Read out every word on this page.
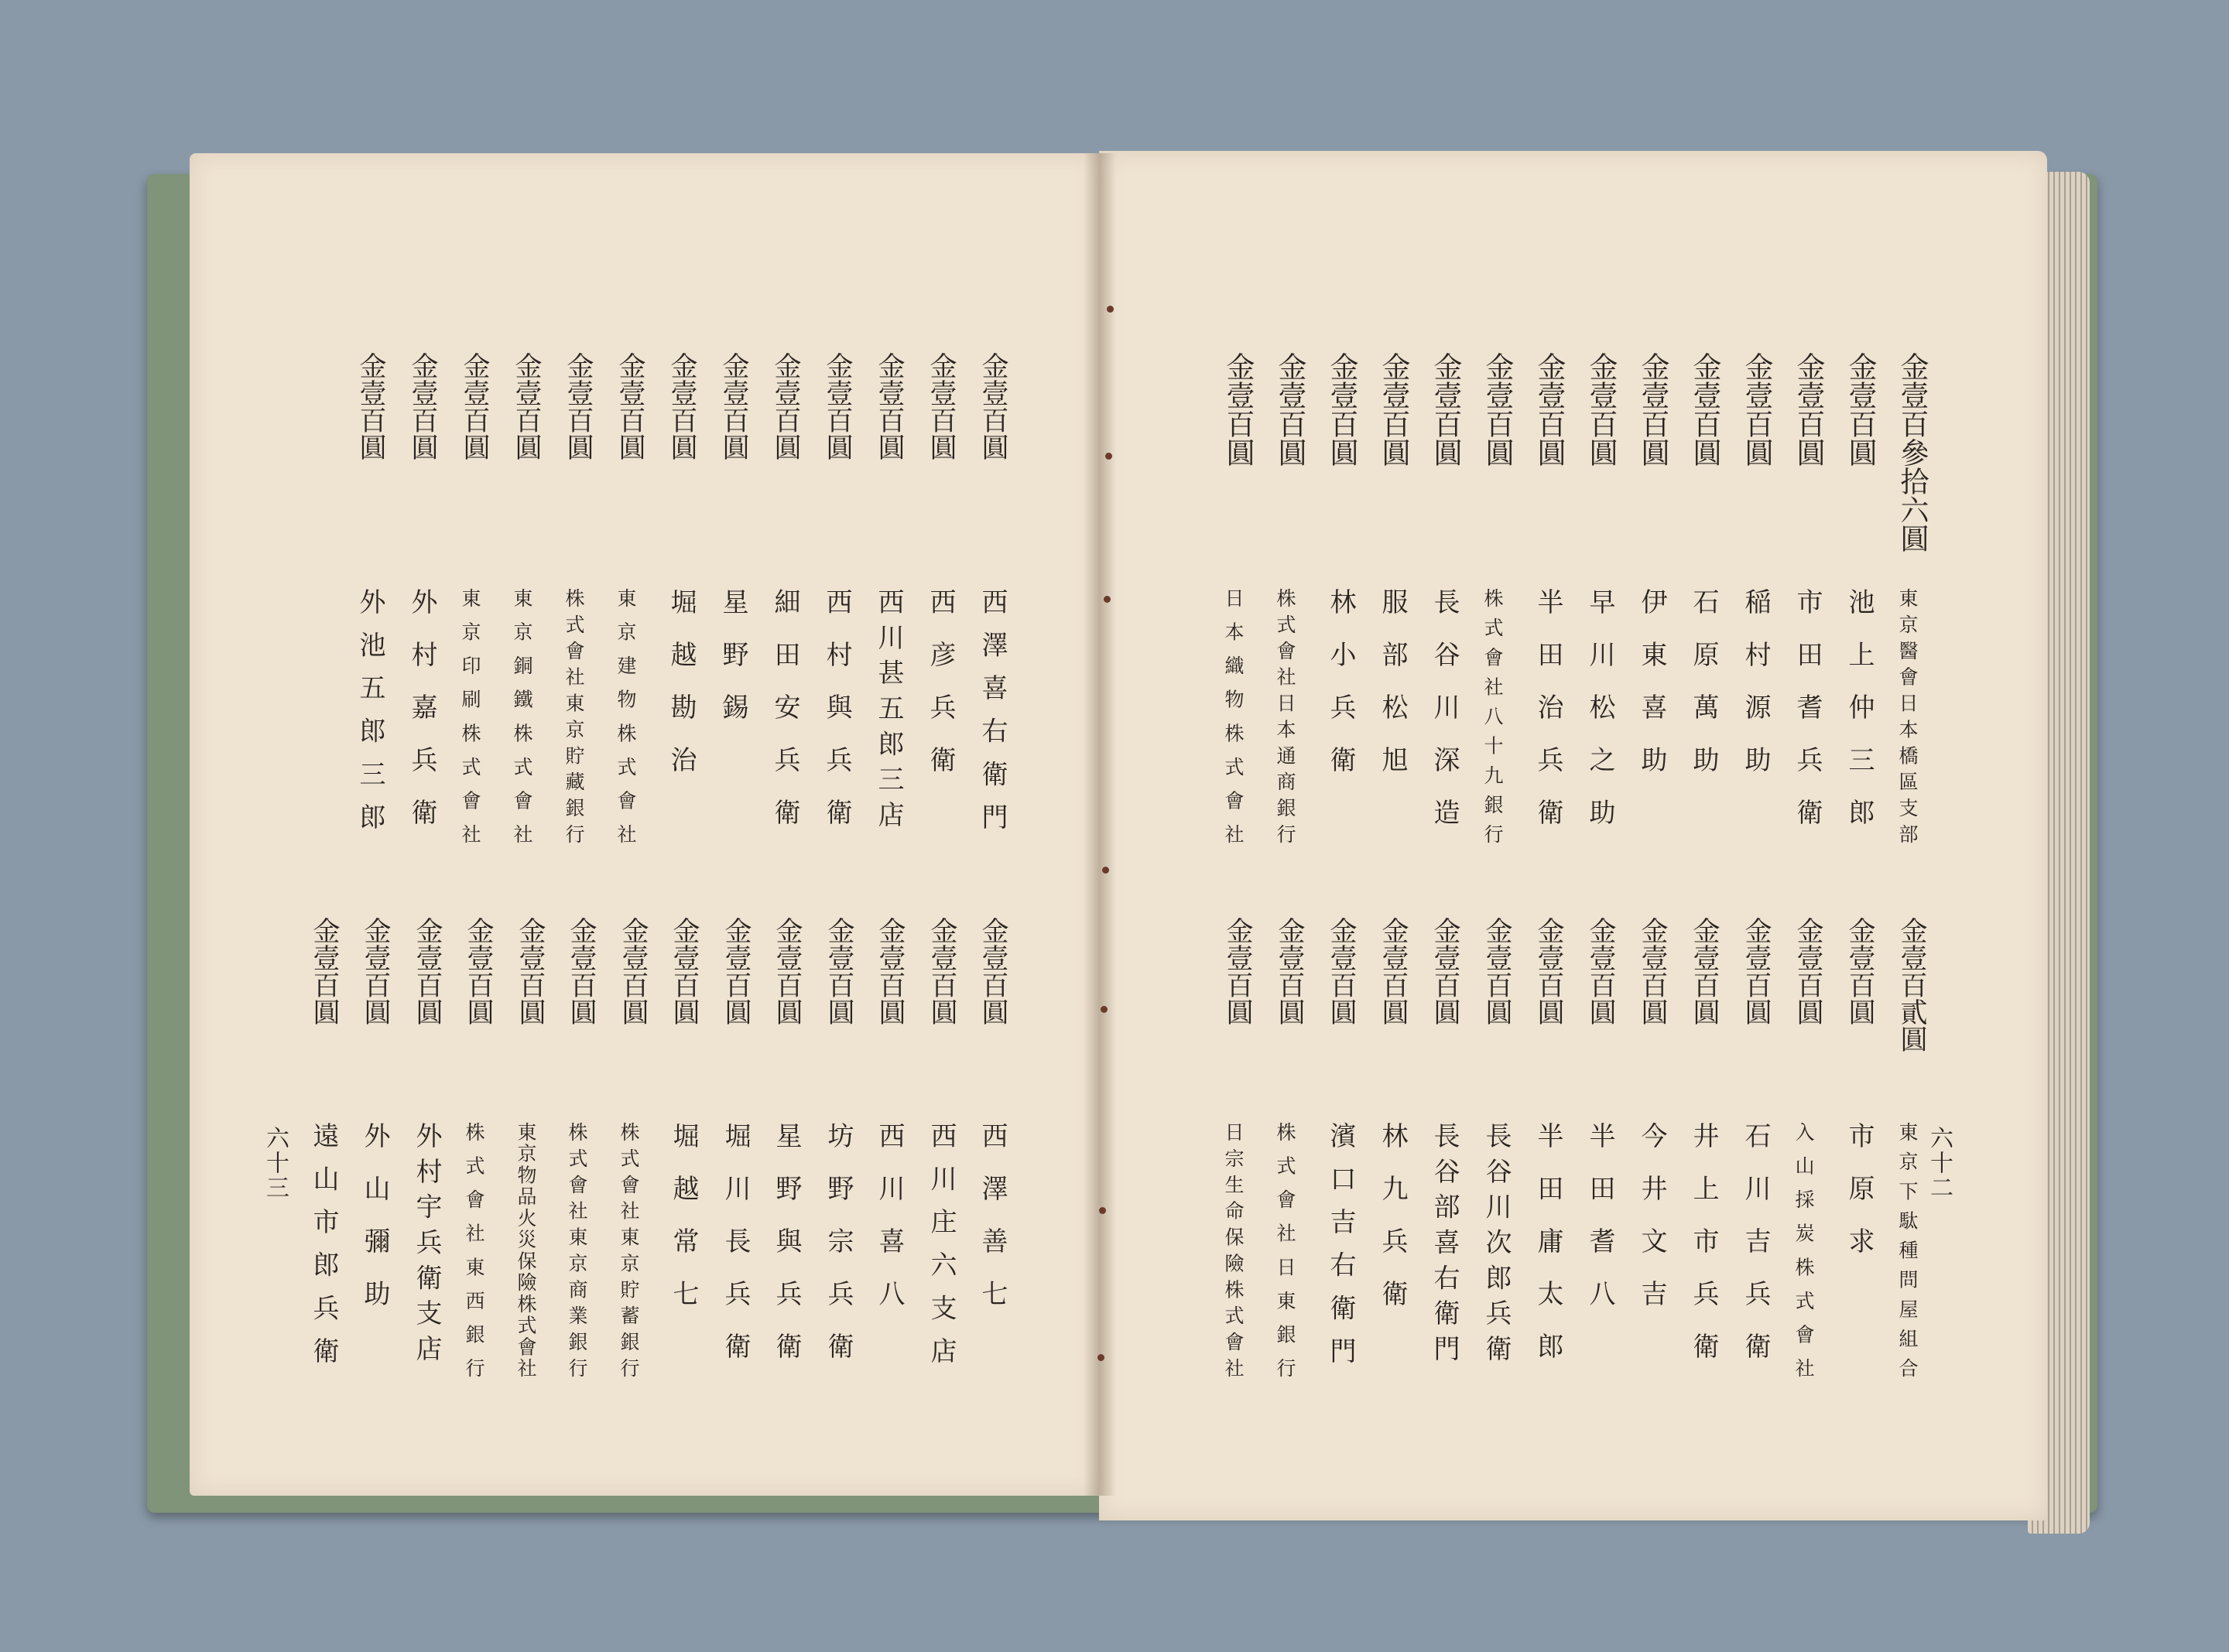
六十二
六十三
金壹百參拾六圓
東京醫會日本橋區支部
金壹百圓
池上仲三郎
金壹百圓
市田耆兵衛
金壹百圓
稲村源助
金壹百圓
石原萬助
金壹百圓
伊東喜助
金壹百圓
早川松之助
金壹百圓
半田治兵衛
金壹百圓
株式會社八十九銀行
金壹百圓
長谷川深造
金壹百圓
服部松旭
金壹百圓
林小兵衛
金壹百圓
株式會社日本通商銀行
金壹百圓
日本織物株式會社
金壹百貳圓
東京下駄種問屋組合
金壹百圓
市原求
金壹百圓
入山採炭株式會社
金壹百圓
石川吉兵衛
金壹百圓
井上市兵衛
金壹百圓
今井文吉
金壹百圓
半田耆八
金壹百圓
半田庸太郎
金壹百圓
長谷川次郎兵衛
金壹百圓
長谷部喜右衛門
金壹百圓
林九兵衛
金壹百圓
濱口吉右衛門
金壹百圓
株式會社日東銀行
金壹百圓
日宗生命保險株式會社
金壹百圓
西澤喜右衛門
金壹百圓
西彦兵衛
金壹百圓
西川甚五郎三店
金壹百圓
西村與兵衛
金壹百圓
細田安兵衛
金壹百圓
星野錫
金壹百圓
堀越勘治
金壹百圓
東京建物株式會社
金壹百圓
株式會社東京貯藏銀行
金壹百圓
東京銅鐵株式會社
金壹百圓
東京印刷株式會社
金壹百圓
外村嘉兵衛
金壹百圓
外池五郎三郎
金壹百圓
西澤善七
金壹百圓
西川庄六支店
金壹百圓
西川喜八
金壹百圓
坊野宗兵衛
金壹百圓
星野與兵衛
金壹百圓
堀川長兵衛
金壹百圓
堀越常七
金壹百圓
株式會社東京貯蓄銀行
金壹百圓
株式會社東京商業銀行
金壹百圓
東京物品火災保險株式會社
金壹百圓
株式會社東西銀行
金壹百圓
外村宇兵衛支店
金壹百圓
外山彌助
金壹百圓
遠山市郎兵衛
